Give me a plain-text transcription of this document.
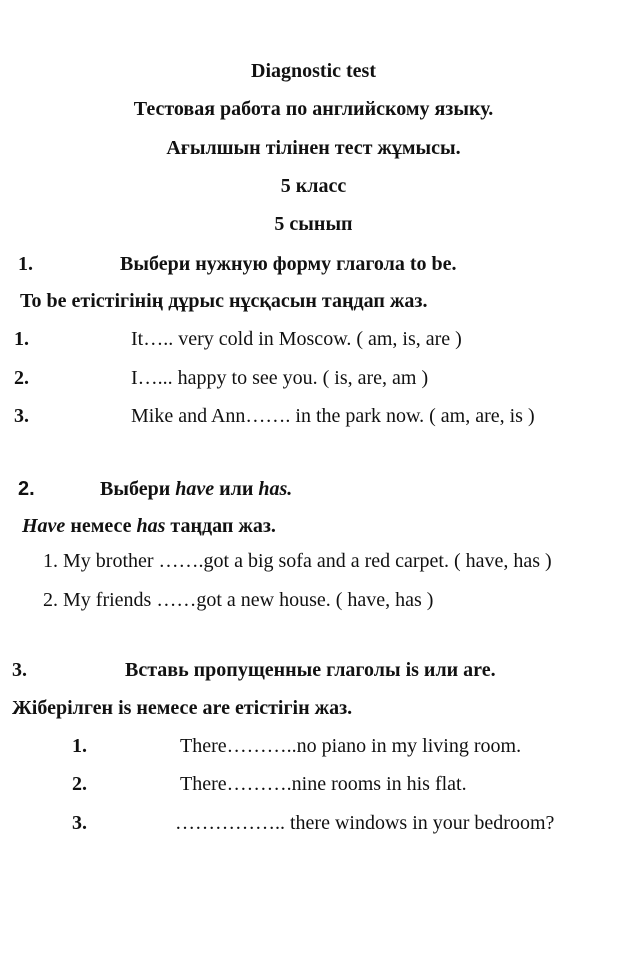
Diagnostic test
Тестовая работа по английскому языку.
Ағылшын тілінен тест жұмысы.
5 класс
5 сынып
1.	Выбери нужную форму глагола to be.
To be етістігінің дұрыс нұсқасын таңдап жаз.
1.	It….. very cold in Moscow. ( am, is, are )
2.	I…... happy to see you. ( is, are, am )
3.	Mike and Ann……. in the park now. ( am, are, is )
2.	Выбери have или has.
Have немесе has таңдап жаз.
1. My brother …….got a big sofa and a red carpet. ( have, has )
2. My friends ……got a new house. ( have, has )
3.	Вставь пропущенные глаголы is или are.
Жіберілген is немесе are етістігін жаз.
1.	There………..no piano in my living room.
2.	There……….nine rooms in his flat.
3.	…………….. there windows in your bedroom?
